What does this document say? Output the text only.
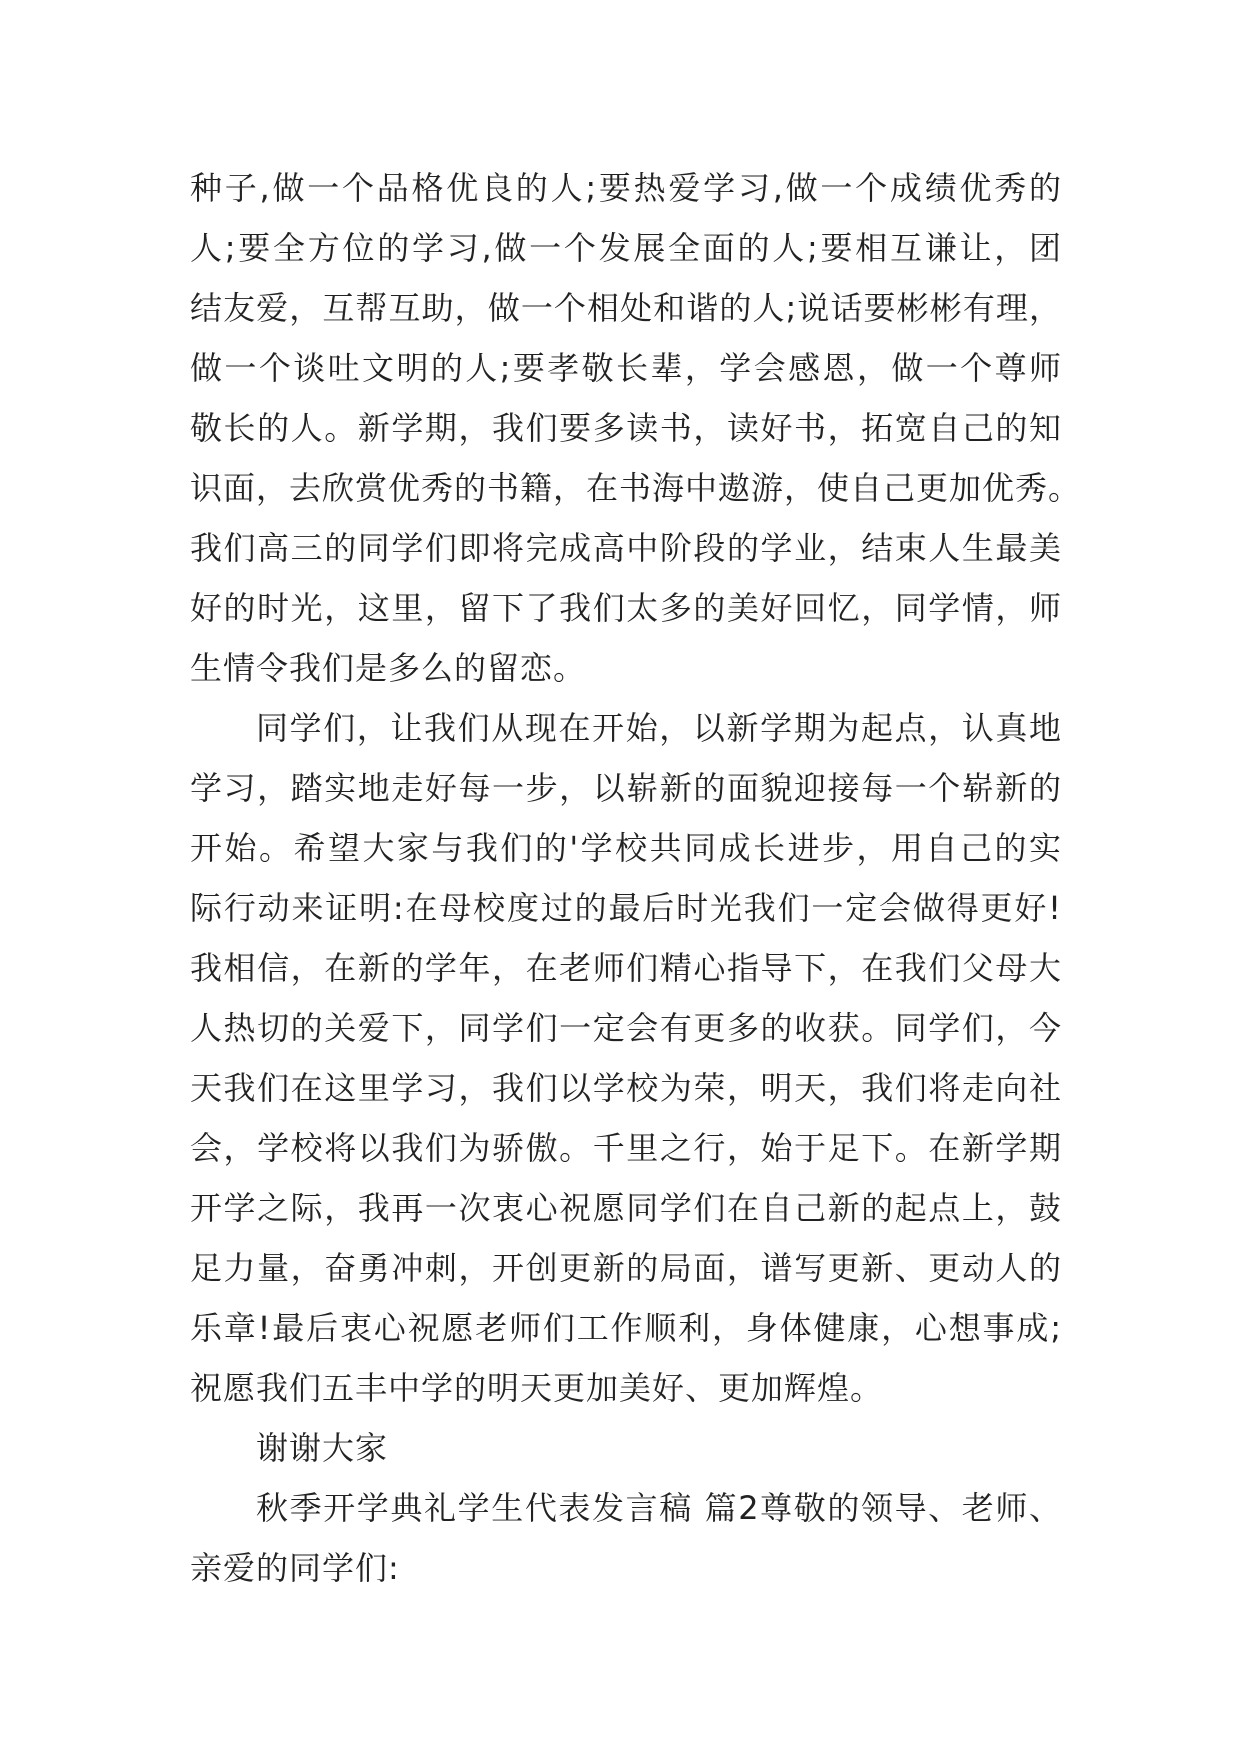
种子,做一个品格优良的人;要热爱学习,做一个成绩优秀的
人;要全方位的学习,做一个发展全面的人;要相互谦让，团
结友爱，互帮互助，做一个相处和谐的人;说话要彬彬有理，
做一个谈吐文明的人;要孝敬长辈，学会感恩，做一个尊师
敬长的人。新学期，我们要多读书，读好书，拓宽自己的知
识面，去欣赏优秀的书籍，在书海中遨游，使自己更加优秀。
我们高三的同学们即将完成高中阶段的学业，结束人生最美
好的时光，这里，留下了我们太多的美好回忆，同学情，师
生情令我们是多么的留恋。

同学们，让我们从现在开始，以新学期为起点，认真地
学习，踏实地走好每一步，以崭新的面貌迎接每一个崭新的
开始。希望大家与我们的'学校共同成长进步，用自己的实
际行动来证明:在母校度过的最后时光我们一定会做得更好!
我相信，在新的学年，在老师们精心指导下，在我们父母大
人热切的关爱下，同学们一定会有更多的收获。同学们，今
天我们在这里学习，我们以学校为荣，明天，我们将走向社
会，学校将以我们为骄傲。千里之行，始于足下。在新学期
开学之际，我再一次衷心祝愿同学们在自己新的起点上，鼓
足力量，奋勇冲刺，开创更新的局面，谱写更新、更动人的
乐章!最后衷心祝愿老师们工作顺利，身体健康，心想事成;
祝愿我们五丰中学的明天更加美好、更加辉煌。

谢谢大家

秋季开学典礼学生代表发言稿 篇2尊敬的领导、老师、
亲爱的同学们:
